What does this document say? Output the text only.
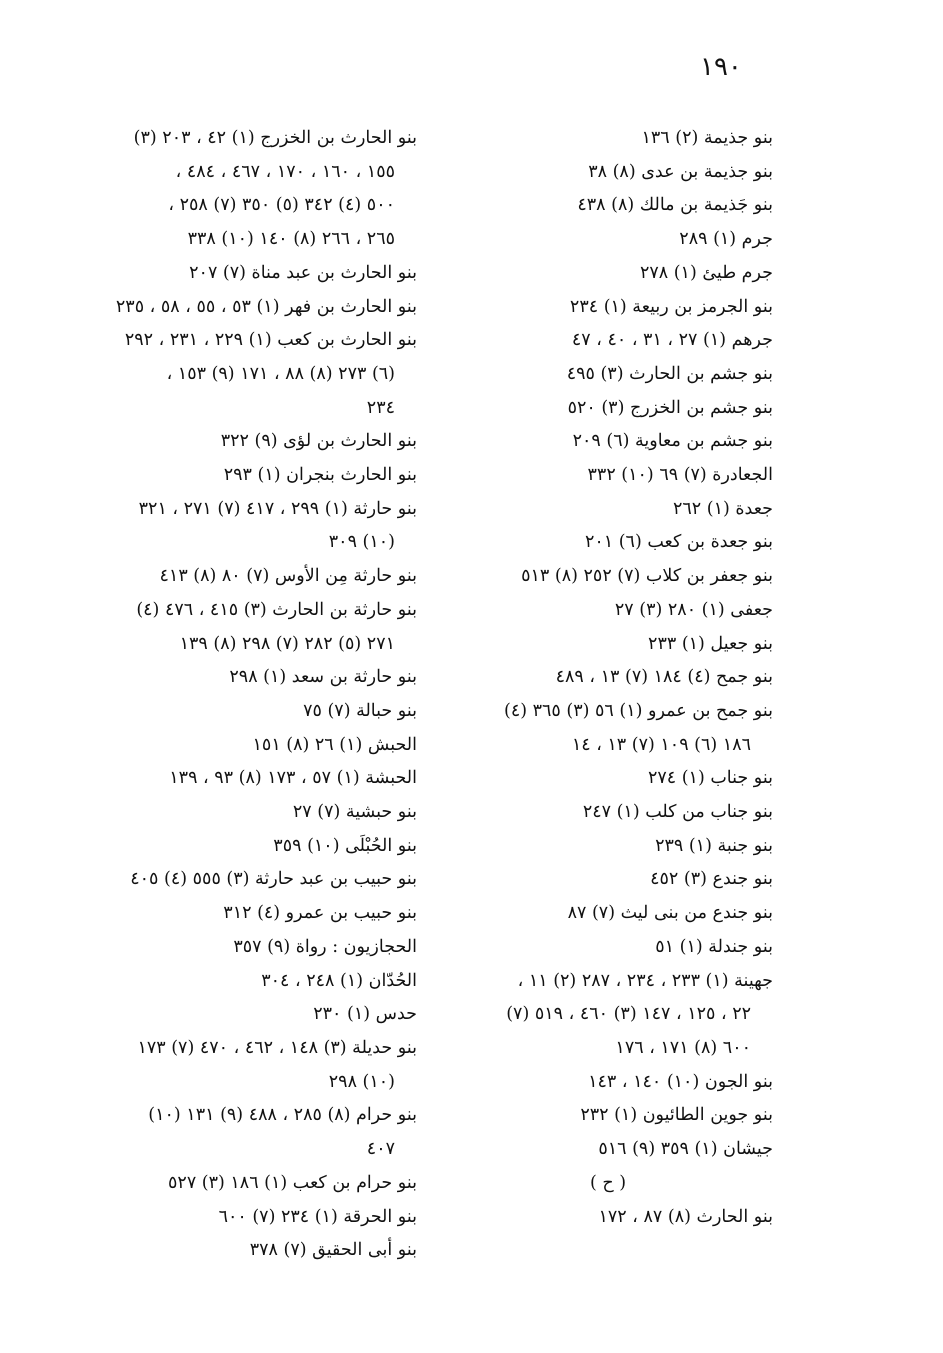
١٩٠
بنو جذيمة (٢) ١٣٦
بنو جذيمة بن عدى (٨) ٣٨
بنو جَذيمة بن مالك (٨) ٤٣٨
جرم (١) ٢٨٩
جرم طيئ (١) ٢٧٨
بنو الجرمز بن ربيعة (١) ٢٣٤
جرهم (١) ٢٧ ، ٣١ ، ٤٠ ، ٤٧
بنو جشم بن الحارث (٣) ٤٩٥
بنو جشم بن الخزرج (٣) ٥٢٠
بنو جشم بن معاوية (٦) ٢٠٩
الجعادرة (٧) ٦٩ (١٠) ٣٣٢
جعدة (١) ٢٦٢
بنو جعدة بن كعب (٦) ٢٠١
بنو جعفر بن كلاب (٧) ٢٥٢ (٨) ٥١٣
جعفى (١) ٢٨٠ (٣) ٢٧
بنو جعيل (١) ٢٣٣
بنو جمح (٤) ١٨٤ (٧) ١٣ ، ٤٨٩
بنو جمح بن عمرو (١) ٥٦ (٣) ٣٦٥ (٤)
١٨٦ (٦) ١٠٩ (٧) ١٣ ، ١٤
بنو جناب (١) ٢٧٤
بنو جناب من كلب (١) ٢٤٧
بنو جنبة (١) ٢٣٩
بنو جندع (٣) ٤٥٢
بنو جندع من بنى ليث (٧) ٨٧
بنو جندلة (١) ٥١
جهينة (١) ٢٣٣ ، ٢٣٤ ، ٢٨٧ (٢) ١١ ،
٢٢ ، ١٢٥ ، ١٤٧ (٣) ٤٦٠ ، ٥١٩ (٧)
٦٠٠ (٨) ١٧١ ، ١٧٦
بنو الجون (١٠) ١٤٠ ، ١٤٣
بنو جوين الطائيون (١) ٢٣٢
جيشان (١) ٣٥٩ (٩) ٥١٦
( ح )
بنو الحارث (٨) ٨٧ ، ١٧٢
بنو الحارث بن الخزرج (١) ٤٢ ، ٢٠٣ (٣)
١٥٥ ، ١٦٠ ، ١٧٠ ، ٤٦٧ ، ٤٨٤ ،
٥٠٠ (٤) ٣٤٢ (٥) ٣٥٠ (٧) ٢٥٨ ،
٢٦٥ ، ٢٦٦ (٨) ١٤٠ (١٠) ٣٣٨
بنو الحارث بن عبد مناة (٧) ٢٠٧
بنو الحارث بن فهر (١) ٥٣ ، ٥٥ ، ٥٨ ، ٢٣٥
بنو الحارث بن كعب (١) ٢٢٩ ، ٢٣١ ، ٢٩٢
(٦) ٢٧٣ (٨) ٨٨ ، ١٧١ (٩) ١٥٣ ،
٢٣٤
بنو الحارث بن لؤى (٩) ٣٢٢
بنو الحارث بنجران (١) ٢٩٣
بنو حارثة (١) ٢٩٩ ، ٤١٧ (٧) ٢٧١ ، ٣٢١
(١٠) ٣٠٩
بنو حارثة مِن الأوس (٧) ٨٠ (٨) ٤١٣
بنو حارثة بن الحارث (٣) ٤١٥ ، ٤٧٦ (٤)
٢٧١ (٥) ٢٨٢ (٧) ٢٩٨ (٨) ١٣٩
بنو حارثة بن سعد (١) ٢٩٨
بنو حبالة (٧) ٧٥
الحبش (١) ٢٦ (٨) ١٥١
الحبشة (١) ٥٧ ، ١٧٣ (٨) ٩٣ ، ١٣٩
بنو حبشية (٧) ٢٧
بنو الحُبْلَى (١٠) ٣٥٩
بنو حبيب بن عبد حارثة (٣) ٥٥٥ (٤) ٤٠٥
بنو حبيب بن عمرو (٤) ٣١٢
الحجازيون : رواة (٩) ٣٥٧
الحُدّان (١) ٢٤٨ ، ٣٠٤
حدس (١) ٢٣٠
بنو حديلة (٣) ١٤٨ ، ٤٦٢ ، ٤٧٠ (٧) ١٧٣
(١٠) ٢٩٨
بنو حرام (٨) ٢٨٥ ، ٤٨٨ (٩) ١٣١ (١٠)
٤٠٧
بنو حرام بن كعب (١) ١٨٦ (٣) ٥٢٧
بنو الحرقة (١) ٢٣٤ (٧) ٦٠٠
بنو أبى الحقيق (٧) ٣٧٨
